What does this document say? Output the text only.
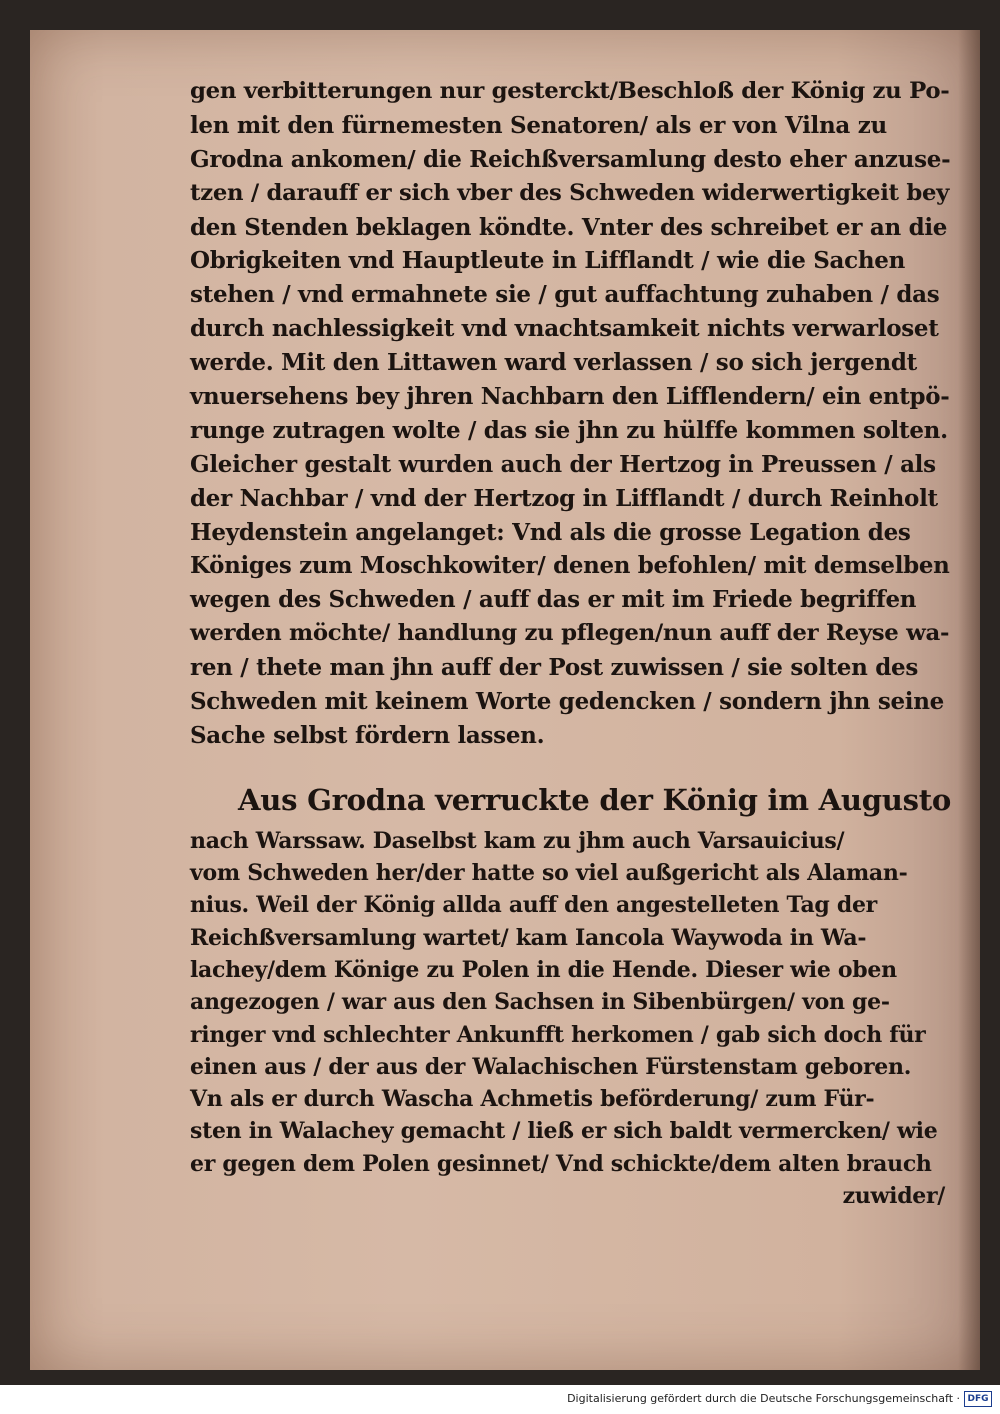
gen verbitterungen nur gesterckt/Beschloß der König zu Po-
len mit den fürnemesten Senatoren/ als er von Vilna zu
Grodna ankomen/ die Reichßversamlung desto eher anzuse-
tzen / darauff er sich vber des Schweden widerwertigkeit bey
den Stenden beklagen köndte. Vnter des schreibet er an die
Obrigkeiten vnd Hauptleute in Lifflandt / wie die Sachen
stehen / vnd ermahnete sie / gut auffachtung zuhaben / das
durch nachlessigkeit vnd vnachtsamkeit nichts verwarloset
werde. Mit den Littawen ward verlassen / so sich jergendt
vnuersehens bey jhren Nachbarn den Lifflendern/ ein entpö-
runge zutragen wolte / das sie jhn zu hülffe kommen solten.
Gleicher gestalt wurden auch der Hertzog in Preussen / als
der Nachbar / vnd der Hertzog in Lifflandt / durch Reinholt
Heydenstein angelanget: Vnd als die grosse Legation des
Königes zum Moschkowiter/ denen befohlen/ mit demselben
wegen des Schweden / auff das er mit im Friede begriffen
werden möchte/ handlung zu pflegen/nun auff der Reyse wa-
ren / thete man jhn auff der Post zuwissen / sie solten des
Schweden mit keinem Worte gedencken / sondern jhn seine
Sache selbst fördern lassen.
Aus Grodna verruckte der König im Augusto
nach Warssaw. Daselbst kam zu jhm auch Varsauicius/
vom Schweden her/der hatte so viel außgericht als Alaman-
nius. Weil der König allda auff den angestelleten Tag der
Reichßversamlung wartet/ kam Iancola Waywoda in Wa-
lachey/dem Könige zu Polen in die Hende. Dieser wie oben
angezogen / war aus den Sachsen in Sibenbürgen/ von ge-
ringer vnd schlechter Ankunfft herkomen / gab sich doch für
einen aus / der aus der Walachischen Fürstenstam geboren.
Vn als er durch Wascha Achmetis beförderung/ zum Für-
sten in Walachey gemacht / ließ er sich baldt vermercken/ wie
er gegen dem Polen gesinnet/ Vnd schickte/dem alten brauch
zuwider/
Digitalisierung gefördert durch die Deutsche Forschungsgemeinschaft · DFG
